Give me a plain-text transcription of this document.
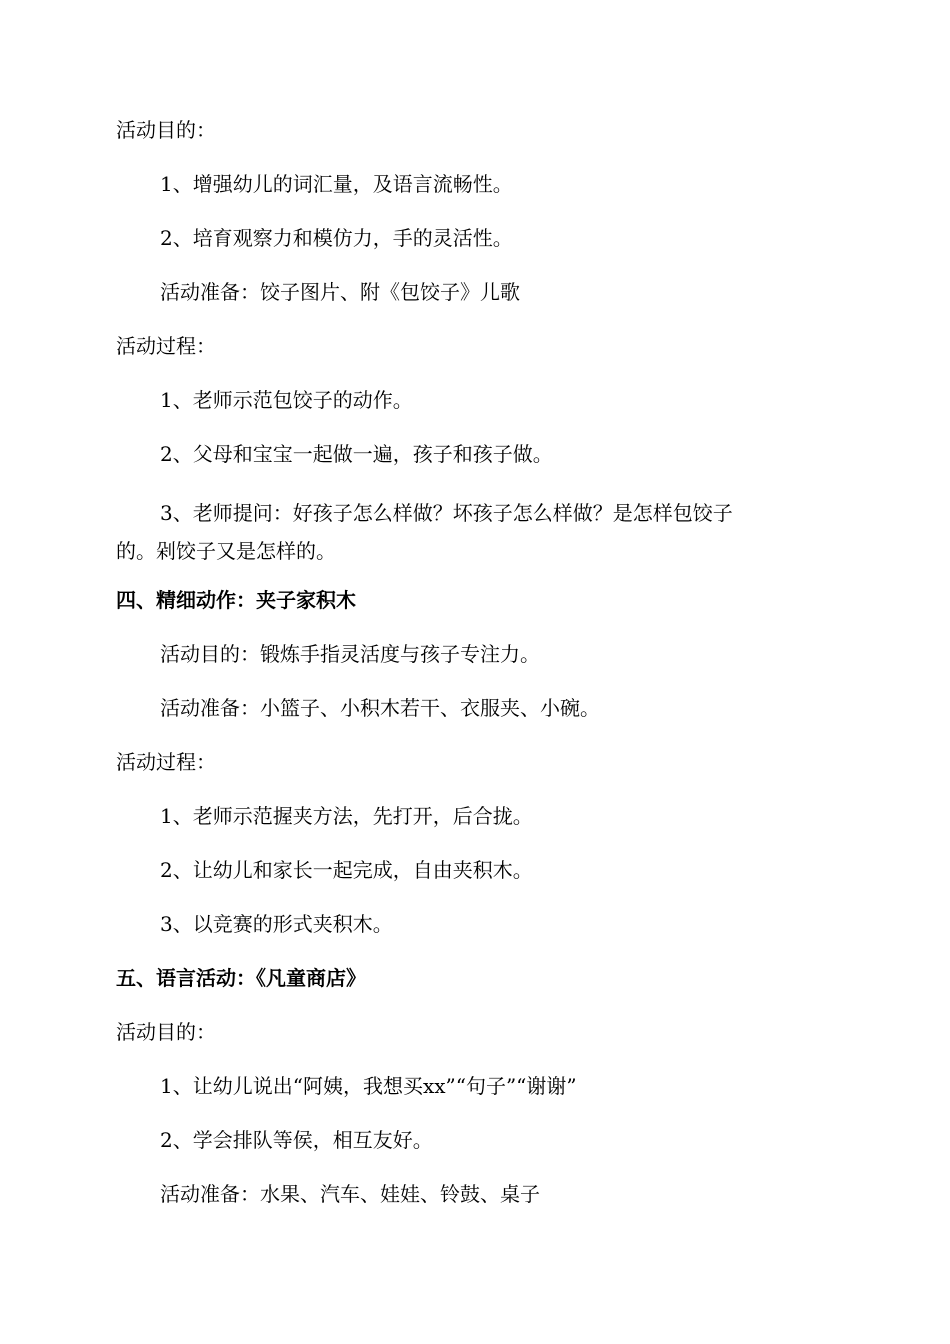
活动目的：
1、增强幼儿的词汇量，及语言流畅性。
2、培育观察力和模仿力，手的灵活性。
活动准备：饺子图片、附《包饺子》儿歌
活动过程：
1、老师示范包饺子的动作。
2、父母和宝宝一起做一遍，孩子和孩子做。
3、老师提问：好孩子怎么样做？坏孩子怎么样做？是怎样包饺子的。剁饺子又是怎样的。
四、精细动作：夹子家积木
活动目的：锻炼手指灵活度与孩子专注力。
活动准备：小篮子、小积木若干、衣服夹、小碗。
活动过程：
1、老师示范握夹方法，先打开，后合拢。
2、让幼儿和家长一起完成，自由夹积木。
3、以竞赛的形式夹积木。
五、语言活动：《凡童商店》
活动目的：
1、让幼儿说出“阿姨，我想买xx”“句子”“谢谢”
2、学会排队等侯，相互友好。
活动准备：水果、汽车、娃娃、铃鼓、桌子
